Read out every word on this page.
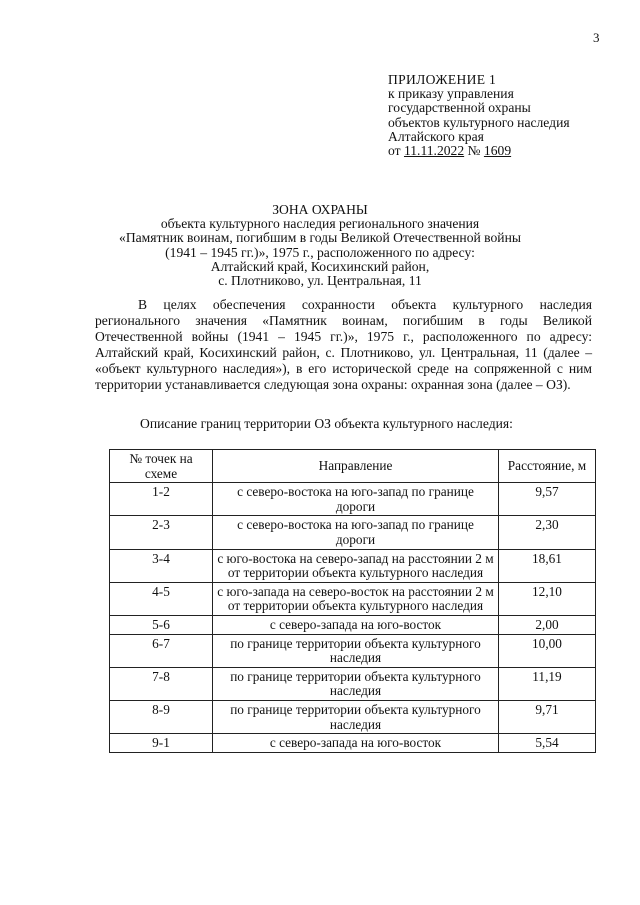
3
ПРИЛОЖЕНИЕ 1
к приказу управления
государственной охраны
объектов культурного наследия
Алтайского края
от 11.11.2022 № 1609
ЗОНА ОХРАНЫ
объекта культурного наследия регионального значения
«Памятник воинам, погибшим в годы Великой Отечественной войны
(1941 – 1945 гг.)», 1975 г., расположенного по адресу:
Алтайский край, Косихинский район,
с. Плотниково, ул. Центральная, 11
В целях обеспечения сохранности объекта культурного наследия регионального значения «Памятник воинам, погибшим в годы Великой Отечественной войны (1941 – 1945 гг.)», 1975 г., расположенного по адресу: Алтайский край, Косихинский район, с. Плотниково, ул. Центральная, 11 (далее – «объект культурного наследия»), в его исторической среде на сопряженной с ним территории устанавливается следующая зона охраны: охранная зона (далее – ОЗ).
Описание границ территории ОЗ объекта культурного наследия:
№ точек на схеме	Направление	Расстояние, м
1-2	с северо-востока на юго-запад по границе дороги	9,57
2-3	с северо-востока на юго-запад по границе дороги	2,30
3-4	с юго-востока на северо-запад на расстоянии 2 м от территории объекта культурного наследия	18,61
4-5	с юго-запада на северо-восток на расстоянии 2 м от территории объекта культурного наследия	12,10
5-6	с северо-запада на юго-восток	2,00
6-7	по границе территории объекта культурного наследия	10,00
7-8	по границе территории объекта культурного наследия	11,19
8-9	по границе территории объекта культурного наследия	9,71
9-1	с северо-запада на юго-восток	5,54
